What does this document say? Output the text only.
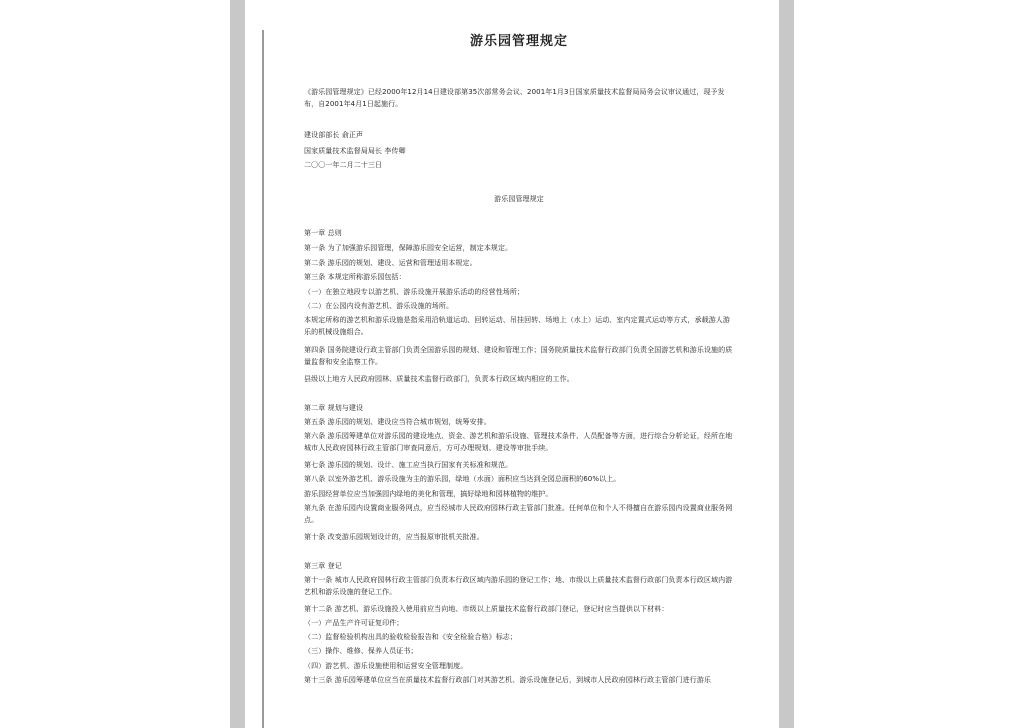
游乐园管理规定

《游乐园管理规定》已经2000年12月14日建设部第35次部常务会议、2001年1月3日国家质量技术监督局局务会议审议通过，现予发布，自2001年4月1日起施行。

建设部部长 俞正声

国家质量技术监督局局长 李传卿

二〇〇一年二月二十三日

游乐园管理规定

第一章 总则

第一条 为了加强游乐园管理，保障游乐园安全运营，制定本规定。

第二条 游乐园的规划、建设、运营和管理适用本规定。

第三条 本规定所称游乐园包括：

（一）在独立地段专以游艺机、游乐设施开展游乐活动的经营性场所；

（二）在公园内设有游艺机、游乐设施的场所。

本规定所称的游艺机和游乐设施是指采用沿轨道运动、回转运动、吊挂回转、场地上（水上）运动、室内定置式运动等方式，承载游人游乐的机械设施组合。

第四条 国务院建设行政主管部门负责全国游乐园的规划、建设和管理工作；国务院质量技术监督行政部门负责全国游艺机和游乐设施的质量监督和安全监察工作。

县级以上地方人民政府园林、质量技术监督行政部门，负责本行政区域内相应的工作。

第二章 规划与建设

第五条 游乐园的规划、建设应当符合城市规划，统筹安排。

第六条 游乐园筹建单位对游乐园的建设地点、资金、游艺机和游乐设施、管理技术条件、人员配备等方面，进行综合分析论证，经所在地城市人民政府园林行政主管部门审查同意后，方可办理规划、建设等审批手续。

第七条 游乐园的规划、设计、施工应当执行国家有关标准和规范。

第八条 以室外游艺机、游乐设施为主的游乐园，绿地（水面）面积应当达到全园总面积的60%以上。

游乐园经营单位应当加强园内绿地的美化和管理，搞好绿地和园林植物的维护。

第九条 在游乐园内设置商业服务网点，应当经城市人民政府园林行政主管部门批准。任何单位和个人不得擅自在游乐园内设置商业服务网点。

第十条 改变游乐园规划设计的，应当报原审批机关批准。

第三章 登记

第十一条 城市人民政府园林行政主管部门负责本行政区域内游乐园的登记工作；地、市级以上质量技术监督行政部门负责本行政区域内游艺机和游乐设施的登记工作。

第十二条 游艺机、游乐设施投入使用前应当向地、市级以上质量技术监督行政部门登记，登记时应当提供以下材料：

（一）产品生产许可证复印件；

（二）监督检验机构出具的验收检验报告和《安全检验合格》标志；

（三）操作、维修、保养人员证书；

（四）游艺机、游乐设施使用和运营安全管理制度。

第十三条 游乐园筹建单位应当在质量技术监督行政部门对其游艺机、游乐设施登记后，到城市人民政府园林行政主管部门进行游乐
